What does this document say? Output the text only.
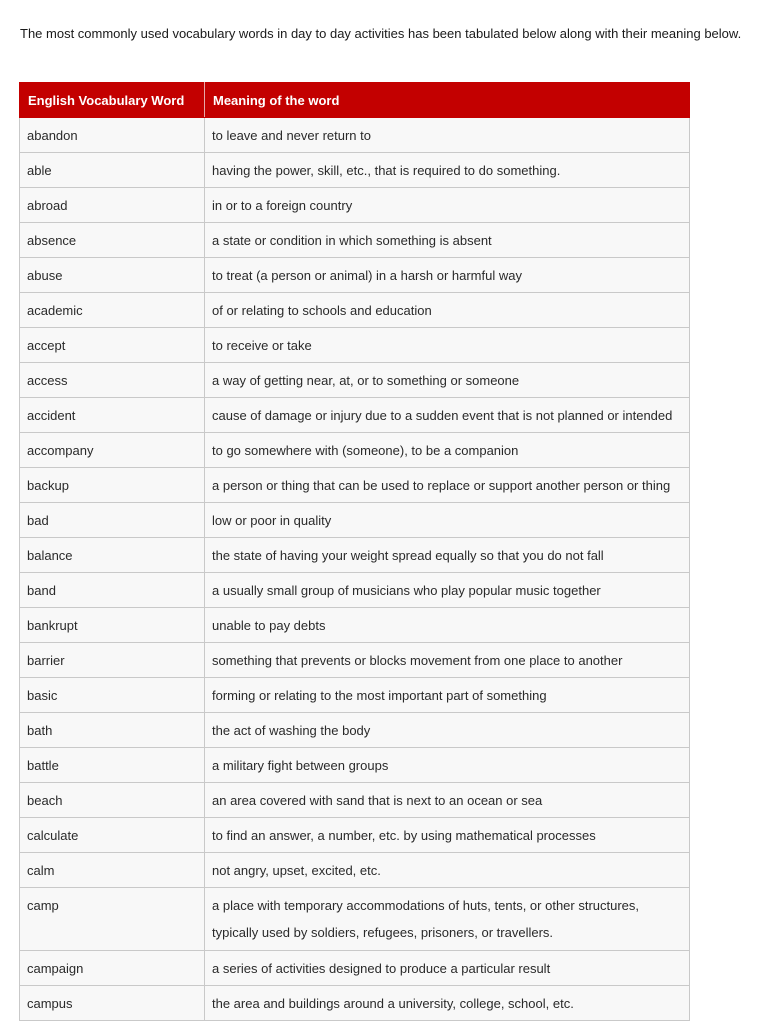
The most commonly used vocabulary words in day to day activities has been tabulated below along with their meaning below.

English Vocabulary Word	Meaning of the word
abandon	to leave and never return to
able	having the power, skill, etc., that is required to do something.
abroad	in or to a foreign country
absence	a state or condition in which something is absent
abuse	to treat (a person or animal) in a harsh or harmful way
academic	of or relating to schools and education
accept	to receive or take
access	a way of getting near, at, or to something or someone
accident	cause of damage or injury due to a sudden event that is not planned or intended
accompany	to go somewhere with (someone), to be a companion
backup	a person or thing that can be used to replace or support another person or thing
bad	low or poor in quality
balance	the state of having your weight spread equally so that you do not fall
band	a usually small group of musicians who play popular music together
bankrupt	unable to pay debts
barrier	something that prevents or blocks movement from one place to another
basic	forming or relating to the most important part of something
bath	the act of washing the body
battle	a military fight between groups
beach	an area covered with sand that is next to an ocean or sea
calculate	to find an answer, a number, etc. by using mathematical processes
calm	not angry, upset, excited, etc.
camp	a place with temporary accommodations of huts, tents, or other structures, typically used by soldiers, refugees, prisoners, or travellers.
campaign	a series of activities designed to produce a particular result
campus	the area and buildings around a university, college, school, etc.
